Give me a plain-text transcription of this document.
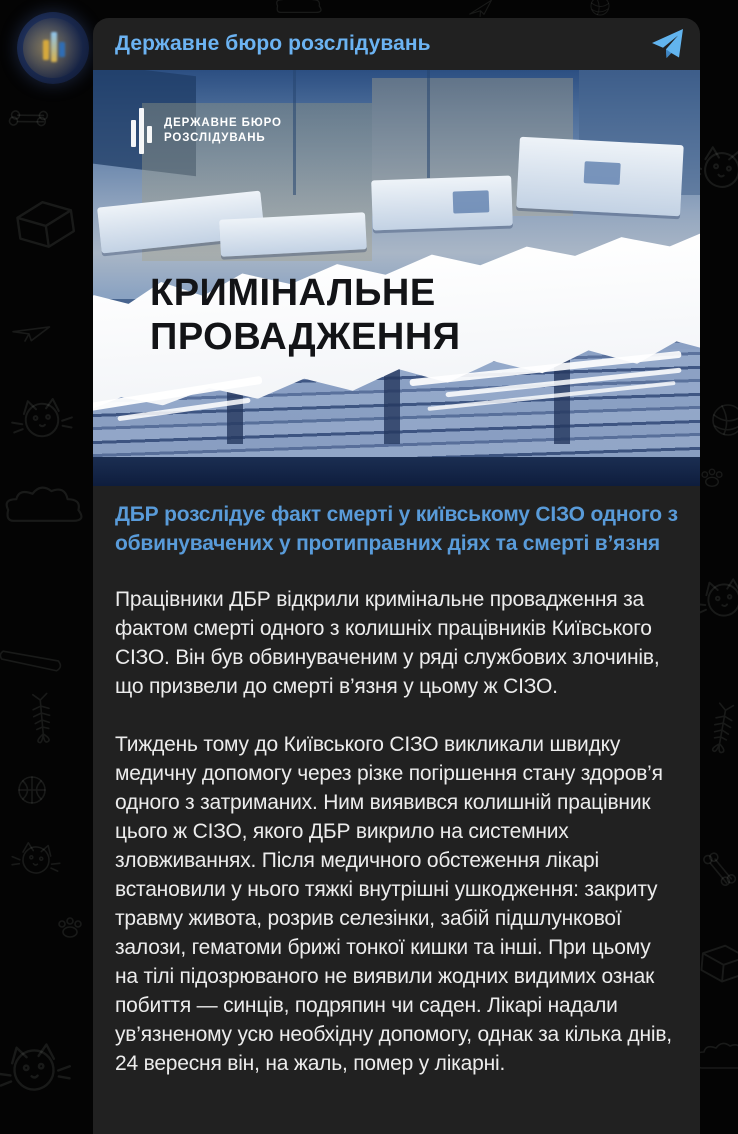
Державне бюро розслідувань
ДЕРЖАВНЕ БЮРО
РОЗСЛІДУВАНЬ
КРИМІНАЛЬНЕ
ПРОВАДЖЕННЯ
ДБР розслідує факт смерті у київському СІЗО одного з обвинувачених у протиправних діях та смерті в’язня

Працівники ДБР відкрили кримінальне провадження за фактом смерті одного з колишніх працівників Київського СІЗО. Він був обвинуваченим у ряді службових злочинів, що призвели до смерті в’язня у цьому ж СІЗО.

Тиждень тому до Київського СІЗО викликали швидку медичну допомогу через різке погіршення стану здоров’я одного з затриманих. Ним виявився колишній працівник цього ж СІЗО, якого ДБР викрило на системних зловживаннях. Після медичного обстеження лікарі встановили у нього тяжкі внутрішні ушкодження: закриту травму живота, розрив селезінки, забій підшлункової залози, гематоми брижі тонкої кишки та інші. При цьому на тілі підозрюваного не виявили жодних видимих ознак побиття — синців, подряпин чи саден. Лікарі надали ув’язненому усю необхідну допомогу, однак за кілька днів, 24 вересня він, на жаль, помер у лікарні.
